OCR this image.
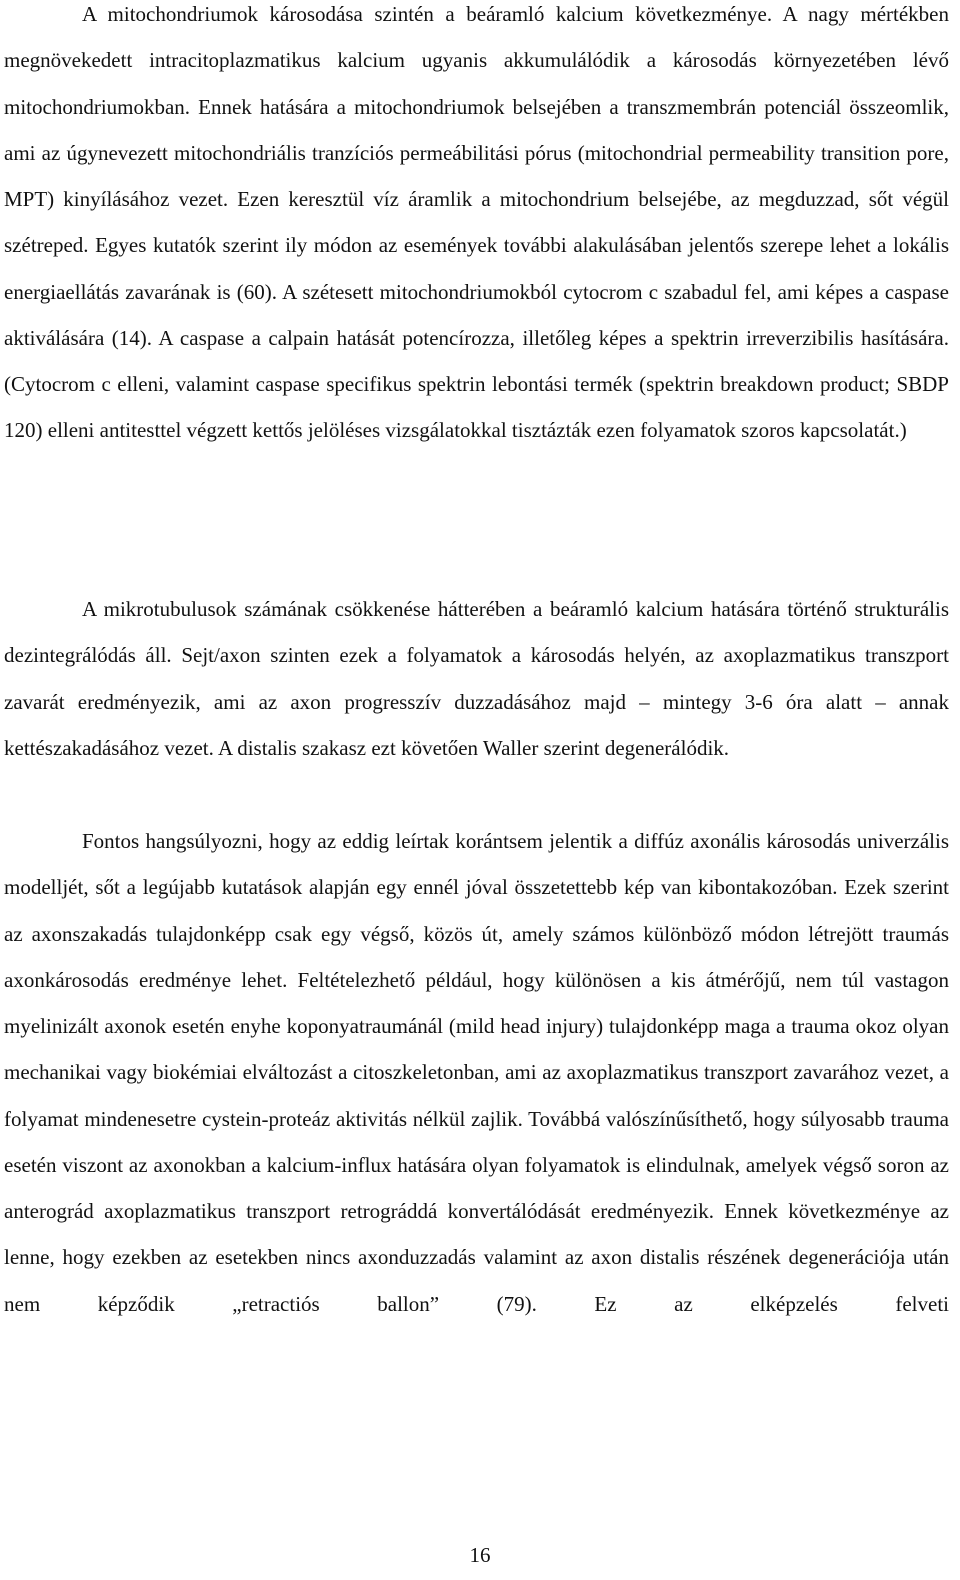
A mitochondriumok károsodása szintén a beáramló kalcium következménye. A nagy mértékben megnövekedett intracitoplazmatikus kalcium ugyanis akkumulálódik a károsodás környezetében lévő mitochondriumokban. Ennek hatására a mitochondriumok belsejében a transzmembrán potenciál összeomlik, ami az úgynevezett mitochondriális tranzíciós permeábilitási pórus (mitochondrial permeability transition pore, MPT) kinyílásához vezet. Ezen keresztül víz áramlik a mitochondrium belsejébe, az megduzzad, sőt végül szétreped. Egyes kutatók szerint ily módon az események további alakulásában jelentős szerepe lehet a lokális energiaellátás zavarának is (60). A szétesett mitochondriumokból cytocrom c szabadul fel, ami képes a caspase aktiválására (14). A caspase a calpain hatását potencírozza, illetőleg képes a spektrin irreverzibilis hasítására. (Cytocrom c elleni, valamint caspase specifikus spektrin lebontási termék (spektrin breakdown product; SBDP 120) elleni antitesttel végzett kettős jelöléses vizsgálatokkal tisztázták ezen folyamatok szoros kapcsolatát.)

A mikrotubulusok számának csökkenése hátterében a beáramló kalcium hatására történő strukturális dezintegrálódás áll. Sejt/axon szinten ezek a folyamatok a károsodás helyén, az axoplazmatikus transzport zavarát eredményezik, ami az axon progresszív duzzadásához majd – mintegy 3-6 óra alatt – annak kettészakadásához vezet. A distalis szakasz ezt követően Waller szerint degenerálódik.

Fontos hangsúlyozni, hogy az eddig leírtak korántsem jelentik a diffúz axonális károsodás univerzális modelljét, sőt a legújabb kutatások alapján egy ennél jóval összetettebb kép van kibontakozóban. Ezek szerint az axonszakadás tulajdonképp csak egy végső, közös út, amely számos különböző módon létrejött traumás axonkárosodás eredménye lehet. Feltételezhető például, hogy különösen a kis átmérőjű, nem túl vastagon myelinizált axonok esetén enyhe koponyatraumánál (mild head injury) tulajdonképp maga a trauma okoz olyan mechanikai vagy biokémiai elváltozást a citoszkeletonban, ami az axoplazmatikus transzport zavarához vezet, a folyamat mindenesetre cystein-proteáz aktivitás nélkül zajlik. Továbbá valószínűsíthető, hogy súlyosabb trauma esetén viszont az axonokban a kalcium-influx hatására olyan folyamatok is elindulnak, amelyek végső soron az anterográd axoplazmatikus transzport retrográddá konvertálódását eredményezik. Ennek következménye az lenne, hogy ezekben az esetekben nincs axonduzzadás valamint az axon distalis részének degenerációja után nem képződik „retractiós ballon” (79). Ez az elképzelés felveti

16
